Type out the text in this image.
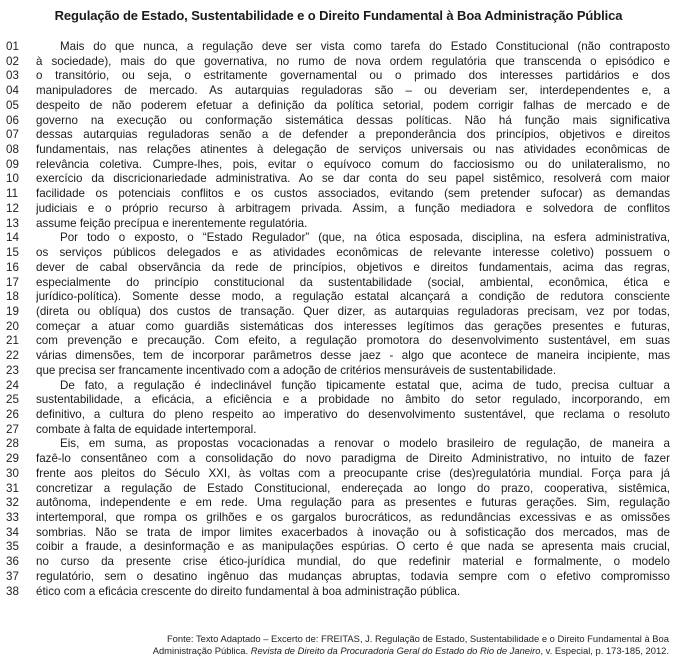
Regulação de Estado, Sustentabilidade e o Direito Fundamental à Boa Administração Pública
01	Mais do que nunca, a regulação deve ser vista como tarefa do Estado Constitucional (não contraposto
02	à sociedade), mais do que governativa, no rumo de nova ordem regulatória que transcenda o episódico e
03	o transitório, ou seja, o estritamente governamental ou o primado dos interesses partidários e dos
04	manipuladores de mercado. As autarquias reguladoras são – ou deveriam ser, interdependentes e, a
05	despeito de não poderem efetuar a definição da política setorial, podem corrigir falhas de mercado e de
06	governo na execução ou conformação sistemática dessas políticas. Não há função mais significativa
07	dessas autarquias reguladoras senão a de defender a preponderância dos princípios, objetivos e direitos
08	fundamentais, nas relações atinentes à delegação de serviços universais ou nas atividades econômicas de
09	relevância coletiva. Cumpre-lhes, pois, evitar o equívoco comum do facciosismo ou do unilateralismo, no
10	exercício da discricionariedade administrativa. Ao se dar conta do seu papel sistêmico, resolverá com maior
11	facilidade os potenciais conflitos e os custos associados, evitando (sem pretender sufocar) as demandas
12	judiciais e o próprio recurso à arbitragem privada. Assim, a função mediadora e solvedora de conflitos
13	assume feição precípua e inerentemente regulatória.
14	Por todo o exposto, o “Estado Regulador” (que, na ótica esposada, disciplina, na esfera administrativa,
15	os serviços públicos delegados e as atividades econômicas de relevante interesse coletivo) possuem o
16	dever de cabal observância da rede de princípios, objetivos e direitos fundamentais, acima das regras,
17	especialmente do princípio constitucional da sustentabilidade (social, ambiental, econômica, ética e
18	jurídico-política). Somente desse modo, a regulação estatal alcançará a condição de redutora consciente
19	(direta ou oblíqua) dos custos de transação. Quer dizer, as autarquias reguladoras precisam, vez por todas,
20	começar a atuar como guardiãs sistemáticas dos interesses legítimos das gerações presentes e futuras,
21	com prevenção e precaução. Com efeito, a regulação promotora do desenvolvimento sustentável, em suas
22	várias dimensões, tem de incorporar parâmetros desse jaez - algo que acontece de maneira incipiente, mas
23	que precisa ser francamente incentivado com a adoção de critérios mensuráveis de sustentabilidade.
24	De fato, a regulação é indeclinável função tipicamente estatal que, acima de tudo, precisa cultuar a
25	sustentabilidade, a eficácia, a eficiência e a probidade no âmbito do setor regulado, incorporando, em
26	definitivo, a cultura do pleno respeito ao imperativo do desenvolvimento sustentável, que reclama o resoluto
27	combate à falta de equidade intertemporal.
28	Eis, em suma, as propostas vocacionadas a renovar o modelo brasileiro de regulação, de maneira a
29	fazê-lo consentâneo com a consolidação do novo paradigma de Direito Administrativo, no intuito de fazer
30	frente aos pleitos do Século XXI, às voltas com a preocupante crise (des)regulatória mundial. Força para já
31	concretizar a regulação de Estado Constitucional, endereçada ao longo do prazo, cooperativa, sistêmica,
32	autônoma, independente e em rede. Uma regulação para as presentes e futuras gerações. Sim, regulação
33	intertemporal, que rompa os grilhões e os gargalos burocráticos, as redundâncias excessivas e as omissões
34	sombrias. Não se trata de impor limites exacerbados à inovação ou à sofisticação dos mercados, mas de
35	coibir a fraude, a desinformação e as manipulações espúrias. O certo é que nada se apresenta mais crucial,
36	no curso da presente crise ético-jurídica mundial, do que redefinir material e formalmente, o modelo
37	regulatório, sem o desatino ingênuo das mudanças abruptas, todavia sempre com o efetivo compromisso
38	ético com a eficácia crescente do direito fundamental à boa administração pública.
Fonte: Texto Adaptado – Excerto de: FREITAS, J. Regulação de Estado, Sustentabilidade e o Direito Fundamental à Boa
Administração Pública. Revista de Direito da Procuradoria Geral do Estado do Rio de Janeiro, v. Especial, p. 173-185, 2012.
